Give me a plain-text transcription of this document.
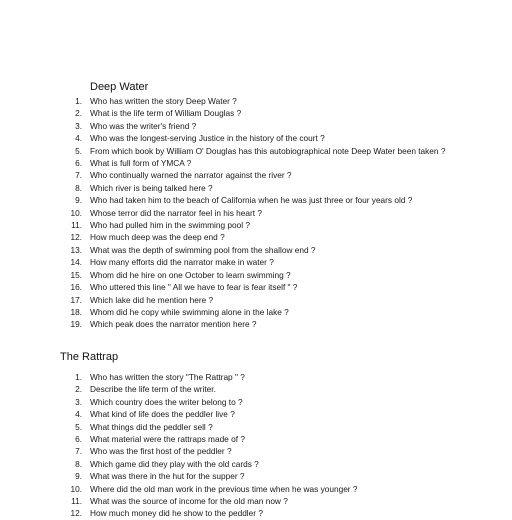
Deep Water
1. Who has written the story Deep Water ?
2. What is the life term of William Douglas ?
3. Who was the writer's friend ?
4. Who was the longest-serving Justice in the history of the court ?
5. From which book by William O' Douglas has this autobiographical note Deep Water been taken ?
6. What is full form of YMCA ?
7. Who continually warned the narrator against the river ?
8. Which river is being talked here ?
9. Who had taken him to the beach of California when he was just three or four years old ?
10. Whose terror did the narrator feel in his heart ?
11. Who had pulled him in the swimming pool ?
12. How much deep was the deep end ?
13. What was the depth of swimming pool from the shallow end ?
14. How many efforts did the narrator make in water ?
15. Whom did he hire on one October to learn swimming ?
16. Who uttered this line " All we have to fear is fear itself " ?
17. Which lake did he mention here ?
18. Whom did he copy while swimming alone in the lake ?
19. Which peak does the narrator mention here ?
The Rattrap
1. Who has written the story "The Rattrap " ?
2. Describe the life term of the writer.
3. Which country does the writer belong to ?
4. What kind of life does the peddler live ?
5. What things did the peddler sell ?
6. What material were the rattraps made of ?
7. Who was the first host of the peddler ?
8. Which game did they play with the old cards ?
9. What was there in the hut for the supper ?
10. Where did the old man work in the previous time when he was younger ?
11. What was the source of income for the old man now ?
12. How much money did he show to the peddler ?
